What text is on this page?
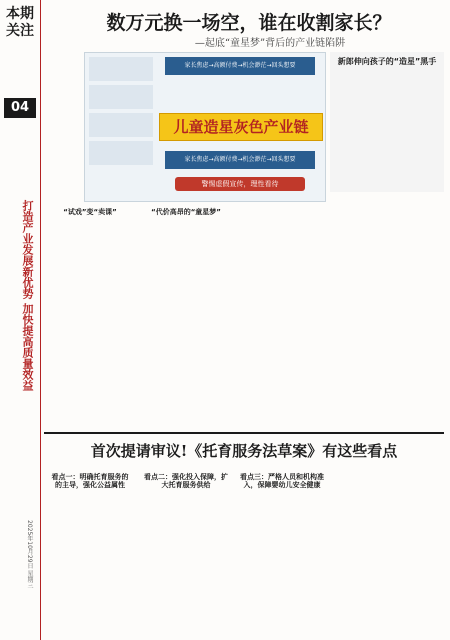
本期关注
04
打造产业发展新优势 加快提高质量效益
2025年10月29日 星期三
数万元换一场空，谁在收割家长？
—起底“童星梦”背后的产业链陷阱
家长焦虑→高额付费→机会渺茫→回头想要
儿童造星灰色产业链
家长焦虑→高额付费→机会渺茫→回头想要
警惕虚假宣传，理性看待
新郎伸向孩子的“造星”黑手
“试戏”变“卖课”	“代价高昂的“童星梦”
首次提请审议!《托育服务法草案》有这些看点
看点一：明确托育服务的
的主导，强化公益属性
看点二：强化投入保障，扩
大托育服务供给
看点三：严格人员和机构准
入，保障婴幼儿安全健康
